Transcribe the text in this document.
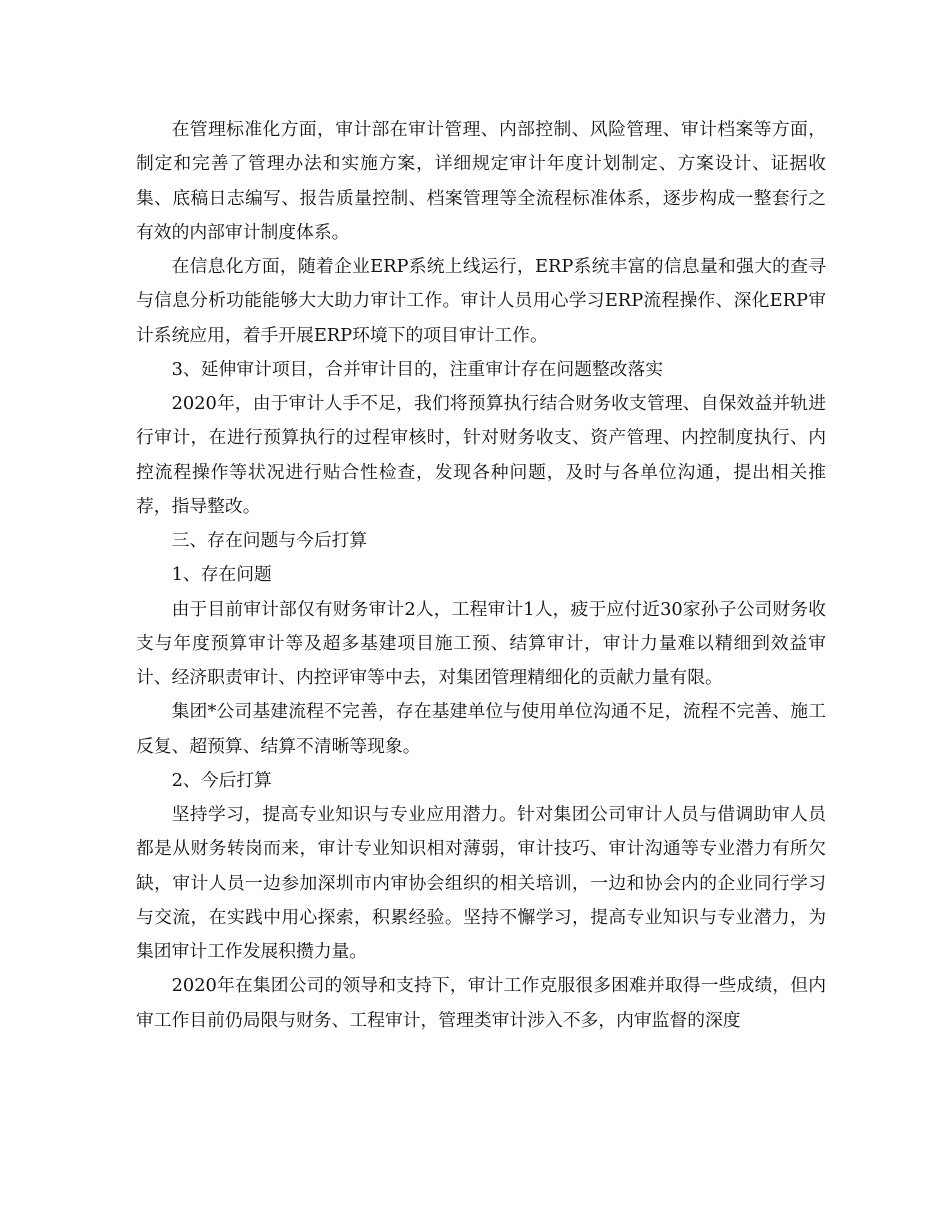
在管理标准化方面，审计部在审计管理、内部控制、风险管理、审计档案等方面，制定和完善了管理办法和实施方案，详细规定审计年度计划制定、方案设计、证据收集、底稿日志编写、报告质量控制、档案管理等全流程标准体系，逐步构成一整套行之有效的内部审计制度体系。

在信息化方面，随着企业ERP系统上线运行，ERP系统丰富的信息量和强大的查寻与信息分析功能能够大大助力审计工作。审计人员用心学习ERP流程操作、深化ERP审计系统应用，着手开展ERP环境下的项目审计工作。

3、延伸审计项目，合并审计目的，注重审计存在问题整改落实

2020年，由于审计人手不足，我们将预算执行结合财务收支管理、自保效益并轨进行审计，在进行预算执行的过程审核时，针对财务收支、资产管理、内控制度执行、内控流程操作等状况进行贴合性检查，发现各种问题，及时与各单位沟通，提出相关推荐，指导整改。

三、存在问题与今后打算

1、存在问题

由于目前审计部仅有财务审计2人，工程审计1人，疲于应付近30家孙子公司财务收支与年度预算审计等及超多基建项目施工预、结算审计，审计力量难以精细到效益审计、经济职责审计、内控评审等中去，对集团管理精细化的贡献力量有限。

集团*公司基建流程不完善，存在基建单位与使用单位沟通不足，流程不完善、施工反复、超预算、结算不清晰等现象。

2、今后打算

坚持学习，提高专业知识与专业应用潜力。针对集团公司审计人员与借调助审人员都是从财务转岗而来，审计专业知识相对薄弱，审计技巧、审计沟通等专业潜力有所欠缺，审计人员一边参加深圳市内审协会组织的相关培训，一边和协会内的企业同行学习与交流，在实践中用心探索，积累经验。坚持不懈学习，提高专业知识与专业潜力，为集团审计工作发展积攒力量。

2020年在集团公司的领导和支持下，审计工作克服很多困难并取得一些成绩，但内审工作目前仍局限与财务、工程审计，管理类审计涉入不多，内审监督的深度
